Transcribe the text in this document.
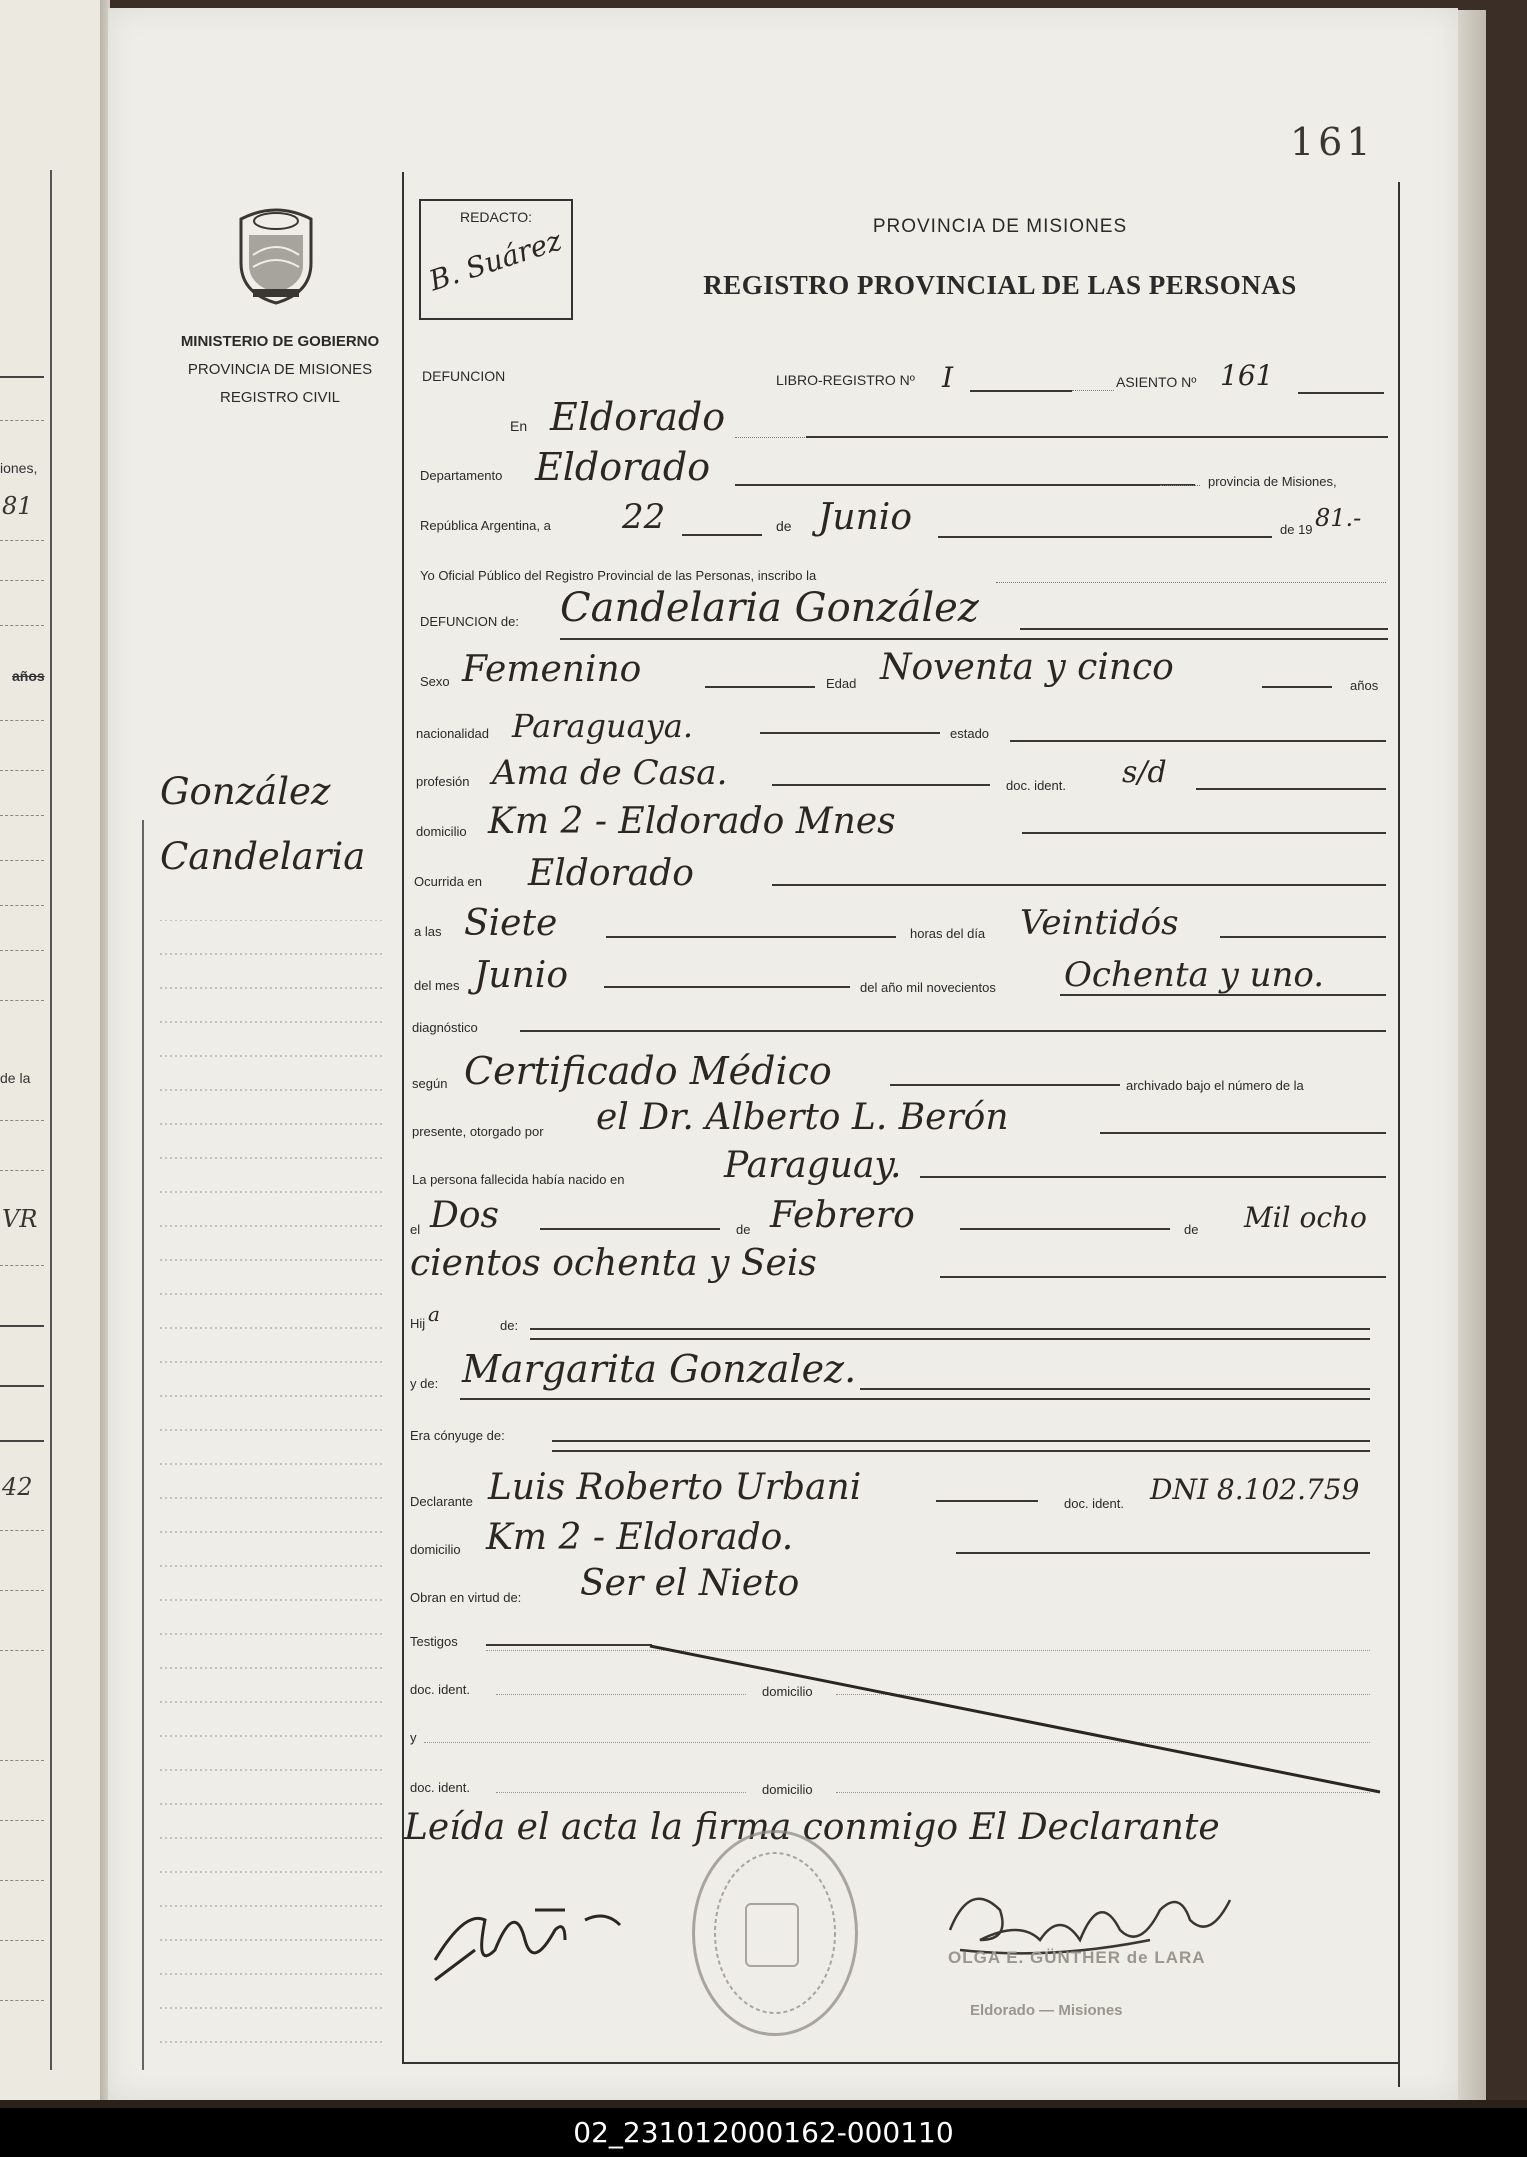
iones,
81
años
de la
VR
42
161
MINISTERIO DE GOBIERNO
PROVINCIA DE MISIONES
REGISTRO CIVIL
REDACTO:
B. Suárez	PROVINCIA DE MISIONES
REGISTRO PROVINCIAL DE LAS PERSONAS
DEFUNCION	LIBRO-REGISTRO Nº I	ASIENTO Nº 161
En Eldorado
Departamento Eldorado	provincia de Misiones,
República Argentina, a 22	de Junio	de 19 81.-
Yo Oficial Público del Registro Provincial de las Personas, inscribo la
DEFUNCION de: Candelaria González
Sexo Femenino	Edad Noventa y cinco	años
nacionalidad Paraguaya.	estado
profesión Ama de Casa.	doc. ident. s/d
domicilio Km 2 - Eldorado Mnes
Ocurrida en Eldorado
a las Siete	horas del día Veintidós
del mes Junio	del año mil novecientos Ochenta y uno.
diagnóstico
según Certificado Médico	archivado bajo el número de la
presente, otorgado por el Dr. Alberto L. Berón
La persona fallecida había nacido en	Paraguay.
el Dos	de Febrero	de Mil ocho
cientos ochenta y Seis
Hij a	de:
y de: Margarita Gonzalez.
Era cónyuge de:
Declarante Luis Roberto Urbani	doc. ident. DNI 8.102.759
domicilio Km 2 - Eldorado.
Obran en virtud de: Ser el Nieto
Testigos
doc. ident.	domicilio
y
doc. ident.	domicilio
Leída el acta la firma conmigo El Declarante
OLGA E. GÜNTHER de LARA
Eldorado — Misiones
González
Candelaria
02_231012000162-000110
